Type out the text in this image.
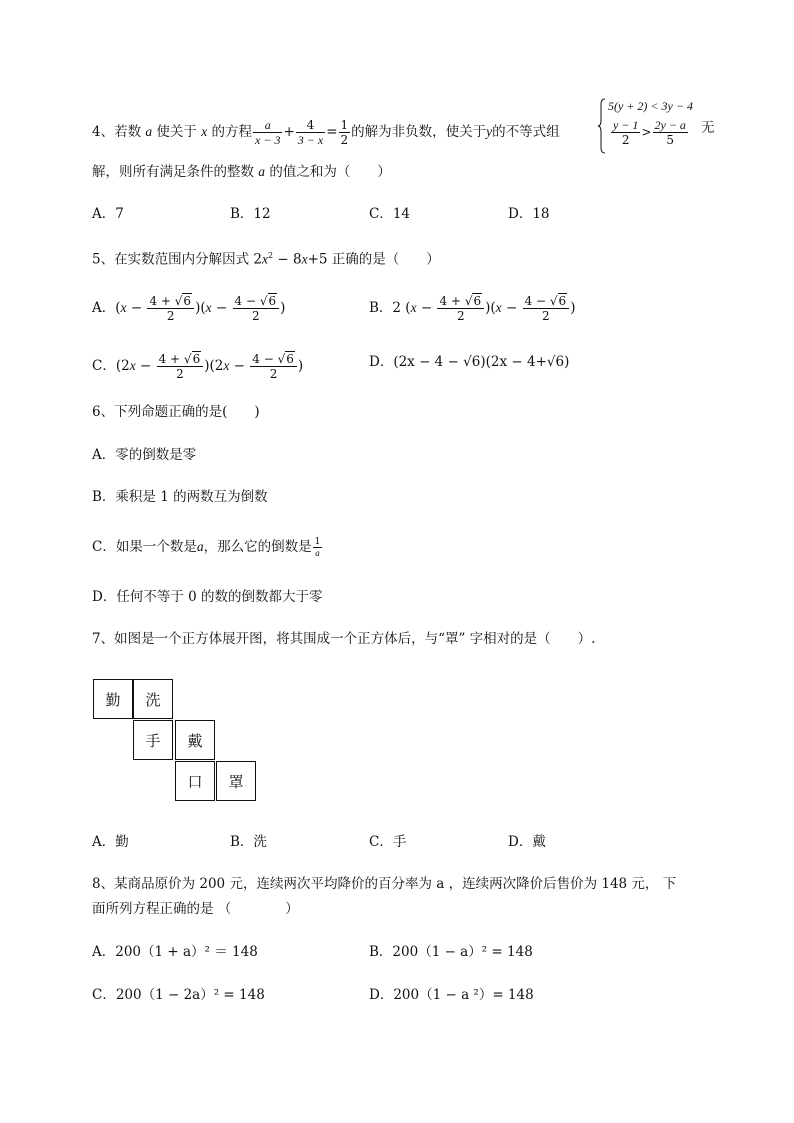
4、若数 a 使关于 x 的方程 $\frac{a}{x - 3} + \frac{4}{3 - x} = \frac{1}{2}$ 的解为非负数，使关于y的不等式组
5(y + 2) < 3y − 4
$\frac{y - 1}{2} > \frac{2y - a}{5}$ 无
解，则所有满足条件的整数 a 的值之和为（　　）
A．7	B．12	C．14	D．18
5、在实数范围内分解因式 $2x^2 - 8x+5$ 正确的是（　　）
A．$(x - \frac{4 + √6}{2} )(x - \frac{4 - √6}{2}$ )	B．2 $(x - \frac{4 + √6}{2} )(x - \frac{4 - √6}{2}$ )
C．$(2x - \frac{4 + √6}{2} )(2x - \frac{4 - √6}{2}$ )	D．(2x − 4 − √6)(2x − 4+√6)
6、下列命题正确的是(　　)
A．零的倒数是零
B．乘积是 1 的两数互为倒数
C．如果一个数是a，那么它的倒数是 $\frac{1}{a}$
D．任何不等于 0 的数的倒数都大于零
7、如图是一个正方体展开图，将其围成一个正方体后，与“罩” 字相对的是（　　）.
勤	洗
手	戴
口	罩
A．勤	B．洗	C．手	D．戴
8、某商品原价为 200 元，连续两次平均降价的百分率为 a ，连续两次降价后售价为 148 元， 下
面所列方程正确的是 （　　　　）
A．200（1 + a）² ＝ 148	B．200（1 − a）² = 148
C．200（1 − 2a）² = 148	D．200（1 − a ²）= 148
